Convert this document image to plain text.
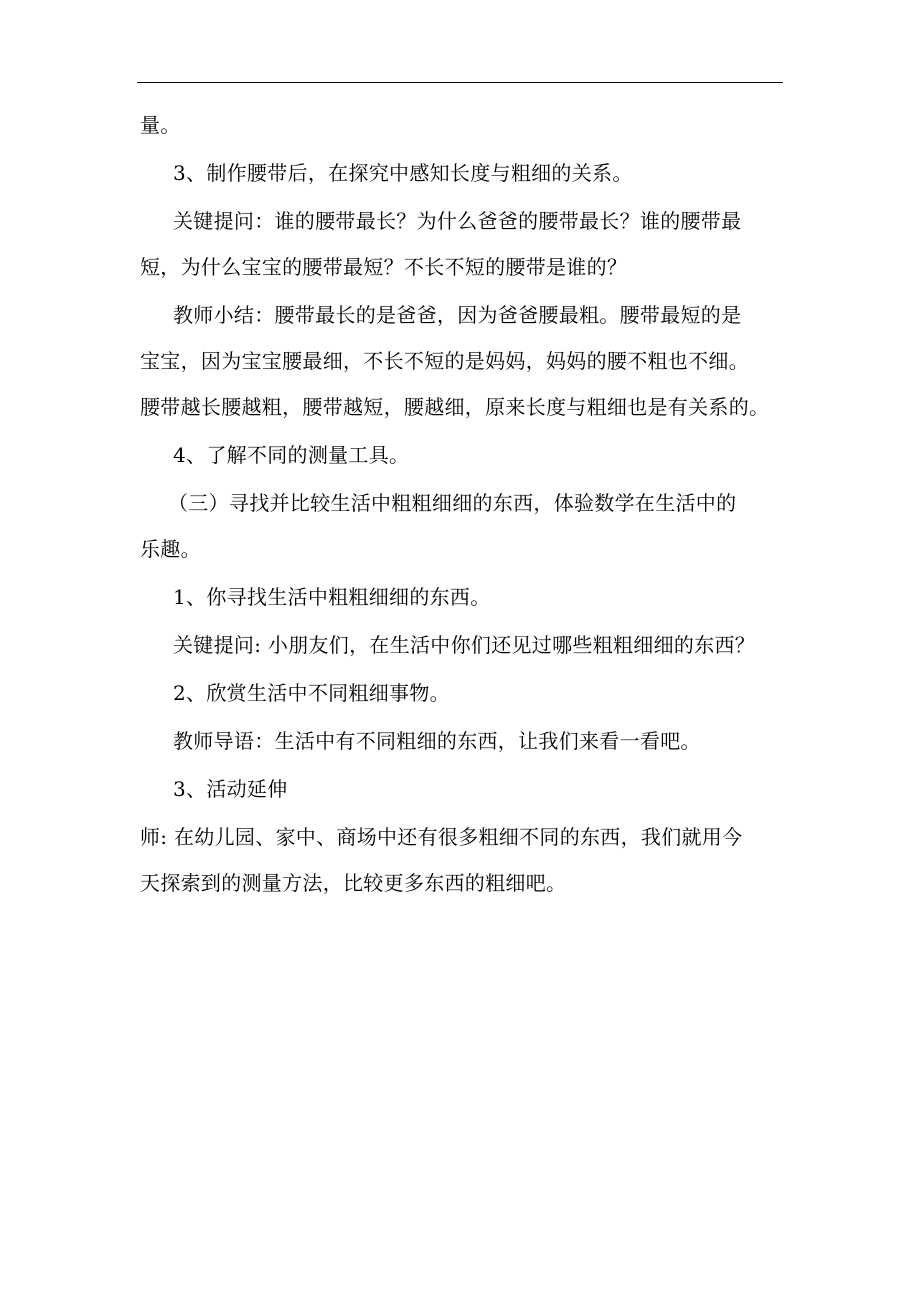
量。
3、制作腰带后，在探究中感知长度与粗细的关系。
关键提问：谁的腰带最长？为什么爸爸的腰带最长？谁的腰带最
短，为什么宝宝的腰带最短？不长不短的腰带是谁的？
教师小结：腰带最长的是爸爸，因为爸爸腰最粗。腰带最短的是
宝宝，因为宝宝腰最细，不长不短的是妈妈，妈妈的腰不粗也不细。
腰带越长腰越粗，腰带越短，腰越细，原来长度与粗细也是有关系的。
4、了解不同的测量工具。
（三）寻找并比较生活中粗粗细细的东西，体验数学在生活中的
乐趣。
1、你寻找生活中粗粗细细的东西。
关键提问: 小朋友们，在生活中你们还见过哪些粗粗细细的东西？
2、欣赏生活中不同粗细事物。
教师导语：生活中有不同粗细的东西，让我们来看一看吧。
3、活动延伸
师: 在幼儿园、家中、商场中还有很多粗细不同的东西，我们就用今
天探索到的测量方法，比较更多东西的粗细吧。
